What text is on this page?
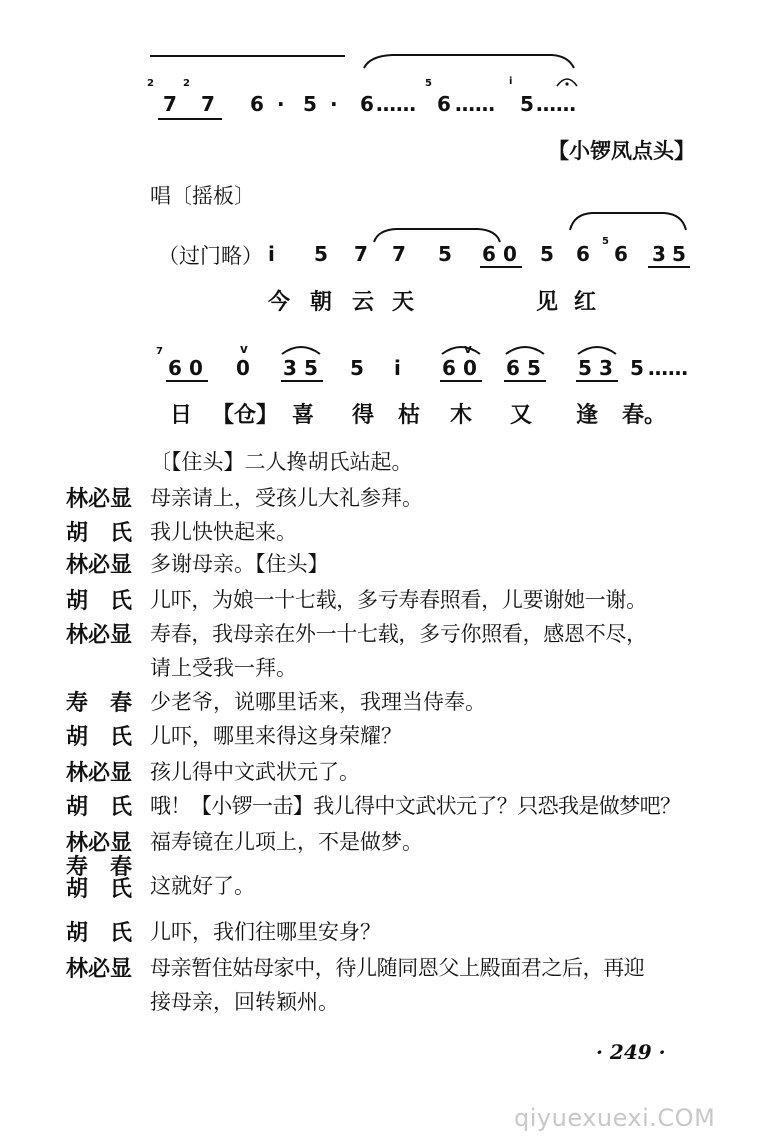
2	2	5	i
7 7 6 · 5 · 6 …… 6 …… 5 ……
【小锣凤点头】
唱〔摇板〕
（过门略） i 5 7 7 5 6 0 5 6
5
6 3 5
今 朝 云 天	见 红
7	v	v
6 0 0 3 5 5 i 6 0 6 5 5 3 5 ……
日 【仓】 喜 得 枯 木 又 逢 春。
〔【住头】二人搀胡氏站起。
林必显 母亲请上，受孩儿大礼参拜。
胡　氏 我儿快快起来。
林必显 多谢母亲。【住头】
胡　氏 儿吓，为娘一十七载，多亏寿春照看，儿要谢她一谢。
林必显 寿春，我母亲在外一十七载，多亏你照看，感恩不尽，
请上受我一拜。
寿　春 少老爷，说哪里话来，我理当侍奉。
胡　氏 儿吓，哪里来得这身荣耀？
林必显 孩儿得中文武状元了。
胡　氏 哦！【小锣一击】我儿得中文武状元了？只恐我是做梦吧？
林必显 福寿镜在儿项上，不是做梦。
寿　春
胡　氏 这就好了。
胡　氏 儿吓，我们往哪里安身？
林必显 母亲暂住姑母家中，待儿随同恩父上殿面君之后，再迎
接母亲，回转颖州。
· 249 ·
qiyuexuexi.COM
